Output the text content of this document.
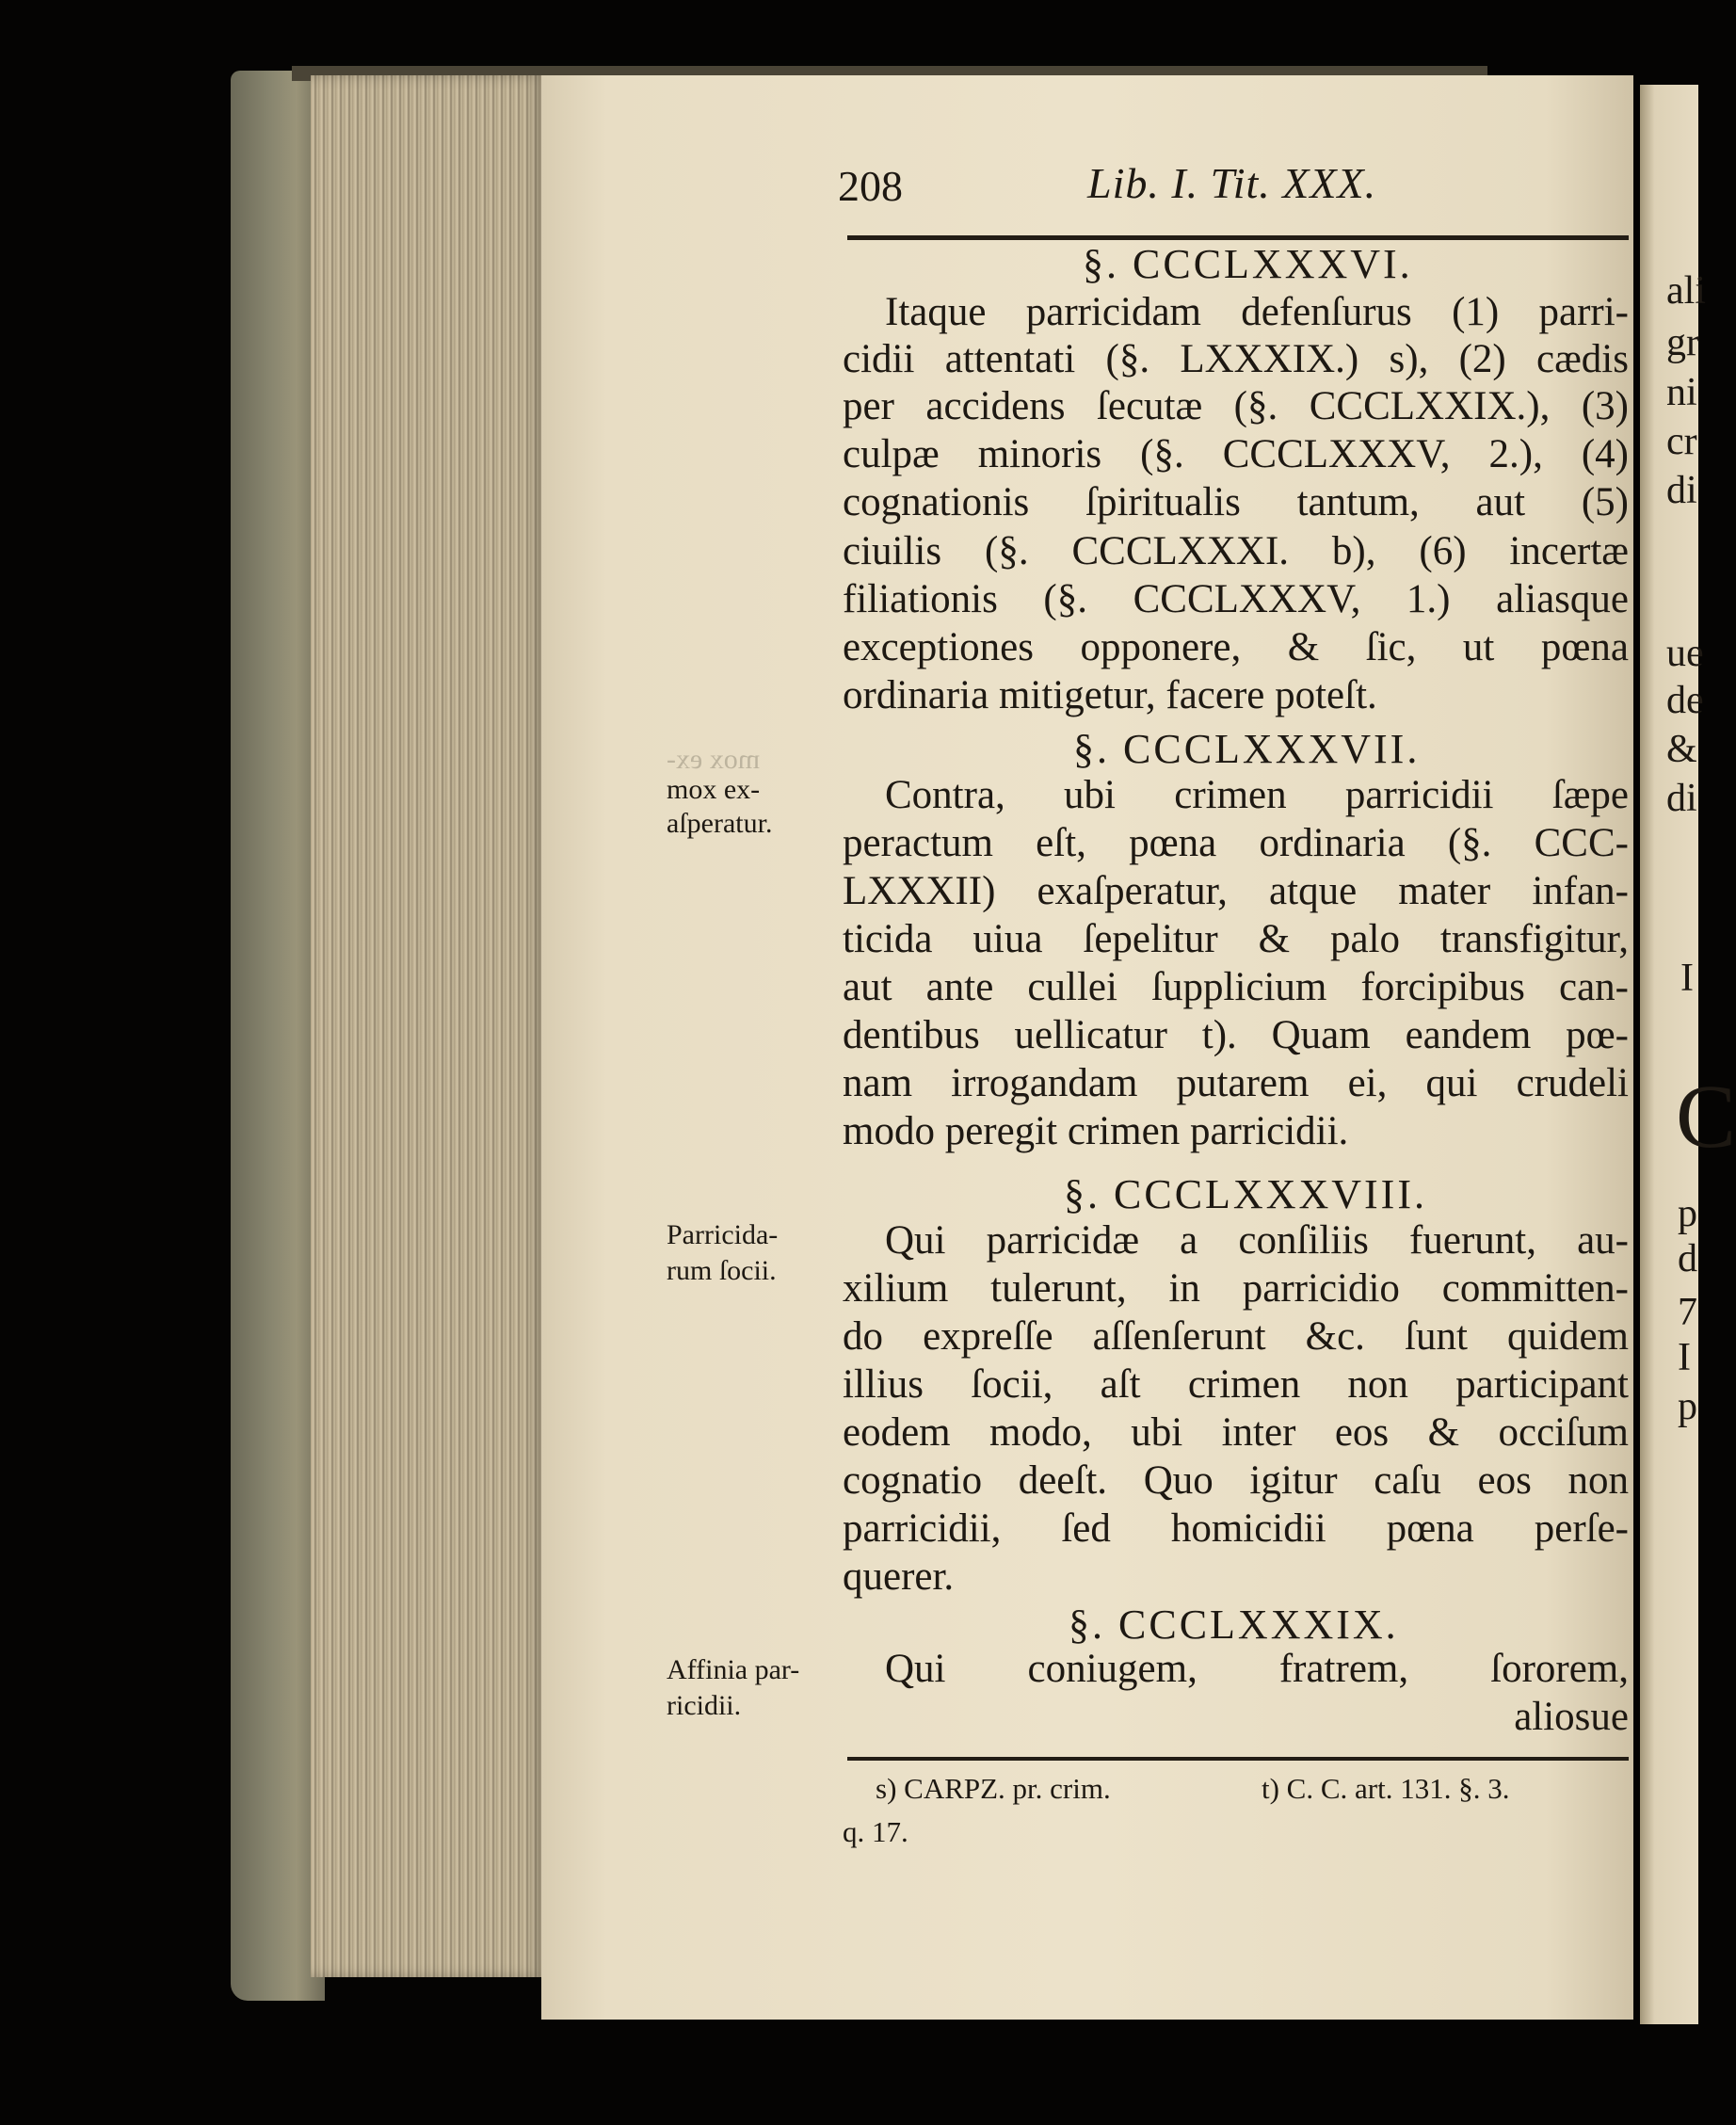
208	Lib. I. Tit. XXX.

§. CCCLXXXVI.

Itaque parricidam defenſurus (1) parri-

cidii attentati (§. LXXXIX.) s), (2) cædis

per accidens ſecutæ (§. CCCLXXIX.), (3)

culpæ minoris (§. CCCLXXXV, 2.), (4)

cognationis ſpiritualis tantum, aut (5)

ciuilis (§. CCCLXXXI. b), (6) incertæ

filiationis (§. CCCLXXXV, 1.) aliasque

exceptiones opponere, & ſic, ut pœna

ordinaria mitigetur, facere poteſt.

mox ex-	§. CCCLXXXVII.

mox ex-

aſperatur.

Contra, ubi crimen parricidii ſæpe

peractum eſt, pœna ordinaria (§. CCC-

LXXXII) exaſperatur, atque mater infan-

ticida uiua ſepelitur & palo transfigitur,

aut ante cullei ſupplicium forcipibus can-

dentibus uellicatur t). Quam eandem pœ-

nam irrogandam putarem ei, qui crudeli

modo peregit crimen parricidii.

§. CCCLXXXVIII.

Parricida-

rum ſocii.

Qui parricidæ a conſiliis fuerunt, au-

xilium tulerunt, in parricidio committen-

do expreſſe aſſenſerunt &c. ſunt quidem

illius ſocii, aſt crimen non participant

eodem modo, ubi inter eos & occiſum

cognatio deeſt. Quo igitur caſu eos non

parricidii, ſed homicidii pœna perſe-

querer.

§. CCCLXXXIX.

Affinia par-

ricidii.

Qui coniugem, fratrem, ſororem,

aliosue

s) CARPZ. pr. crim.	t) C. C. art. 131. §. 3.

q. 17.

ali

gr

ni

cr

di

ue

de

&

di

I

C

p

d

7

I

p
